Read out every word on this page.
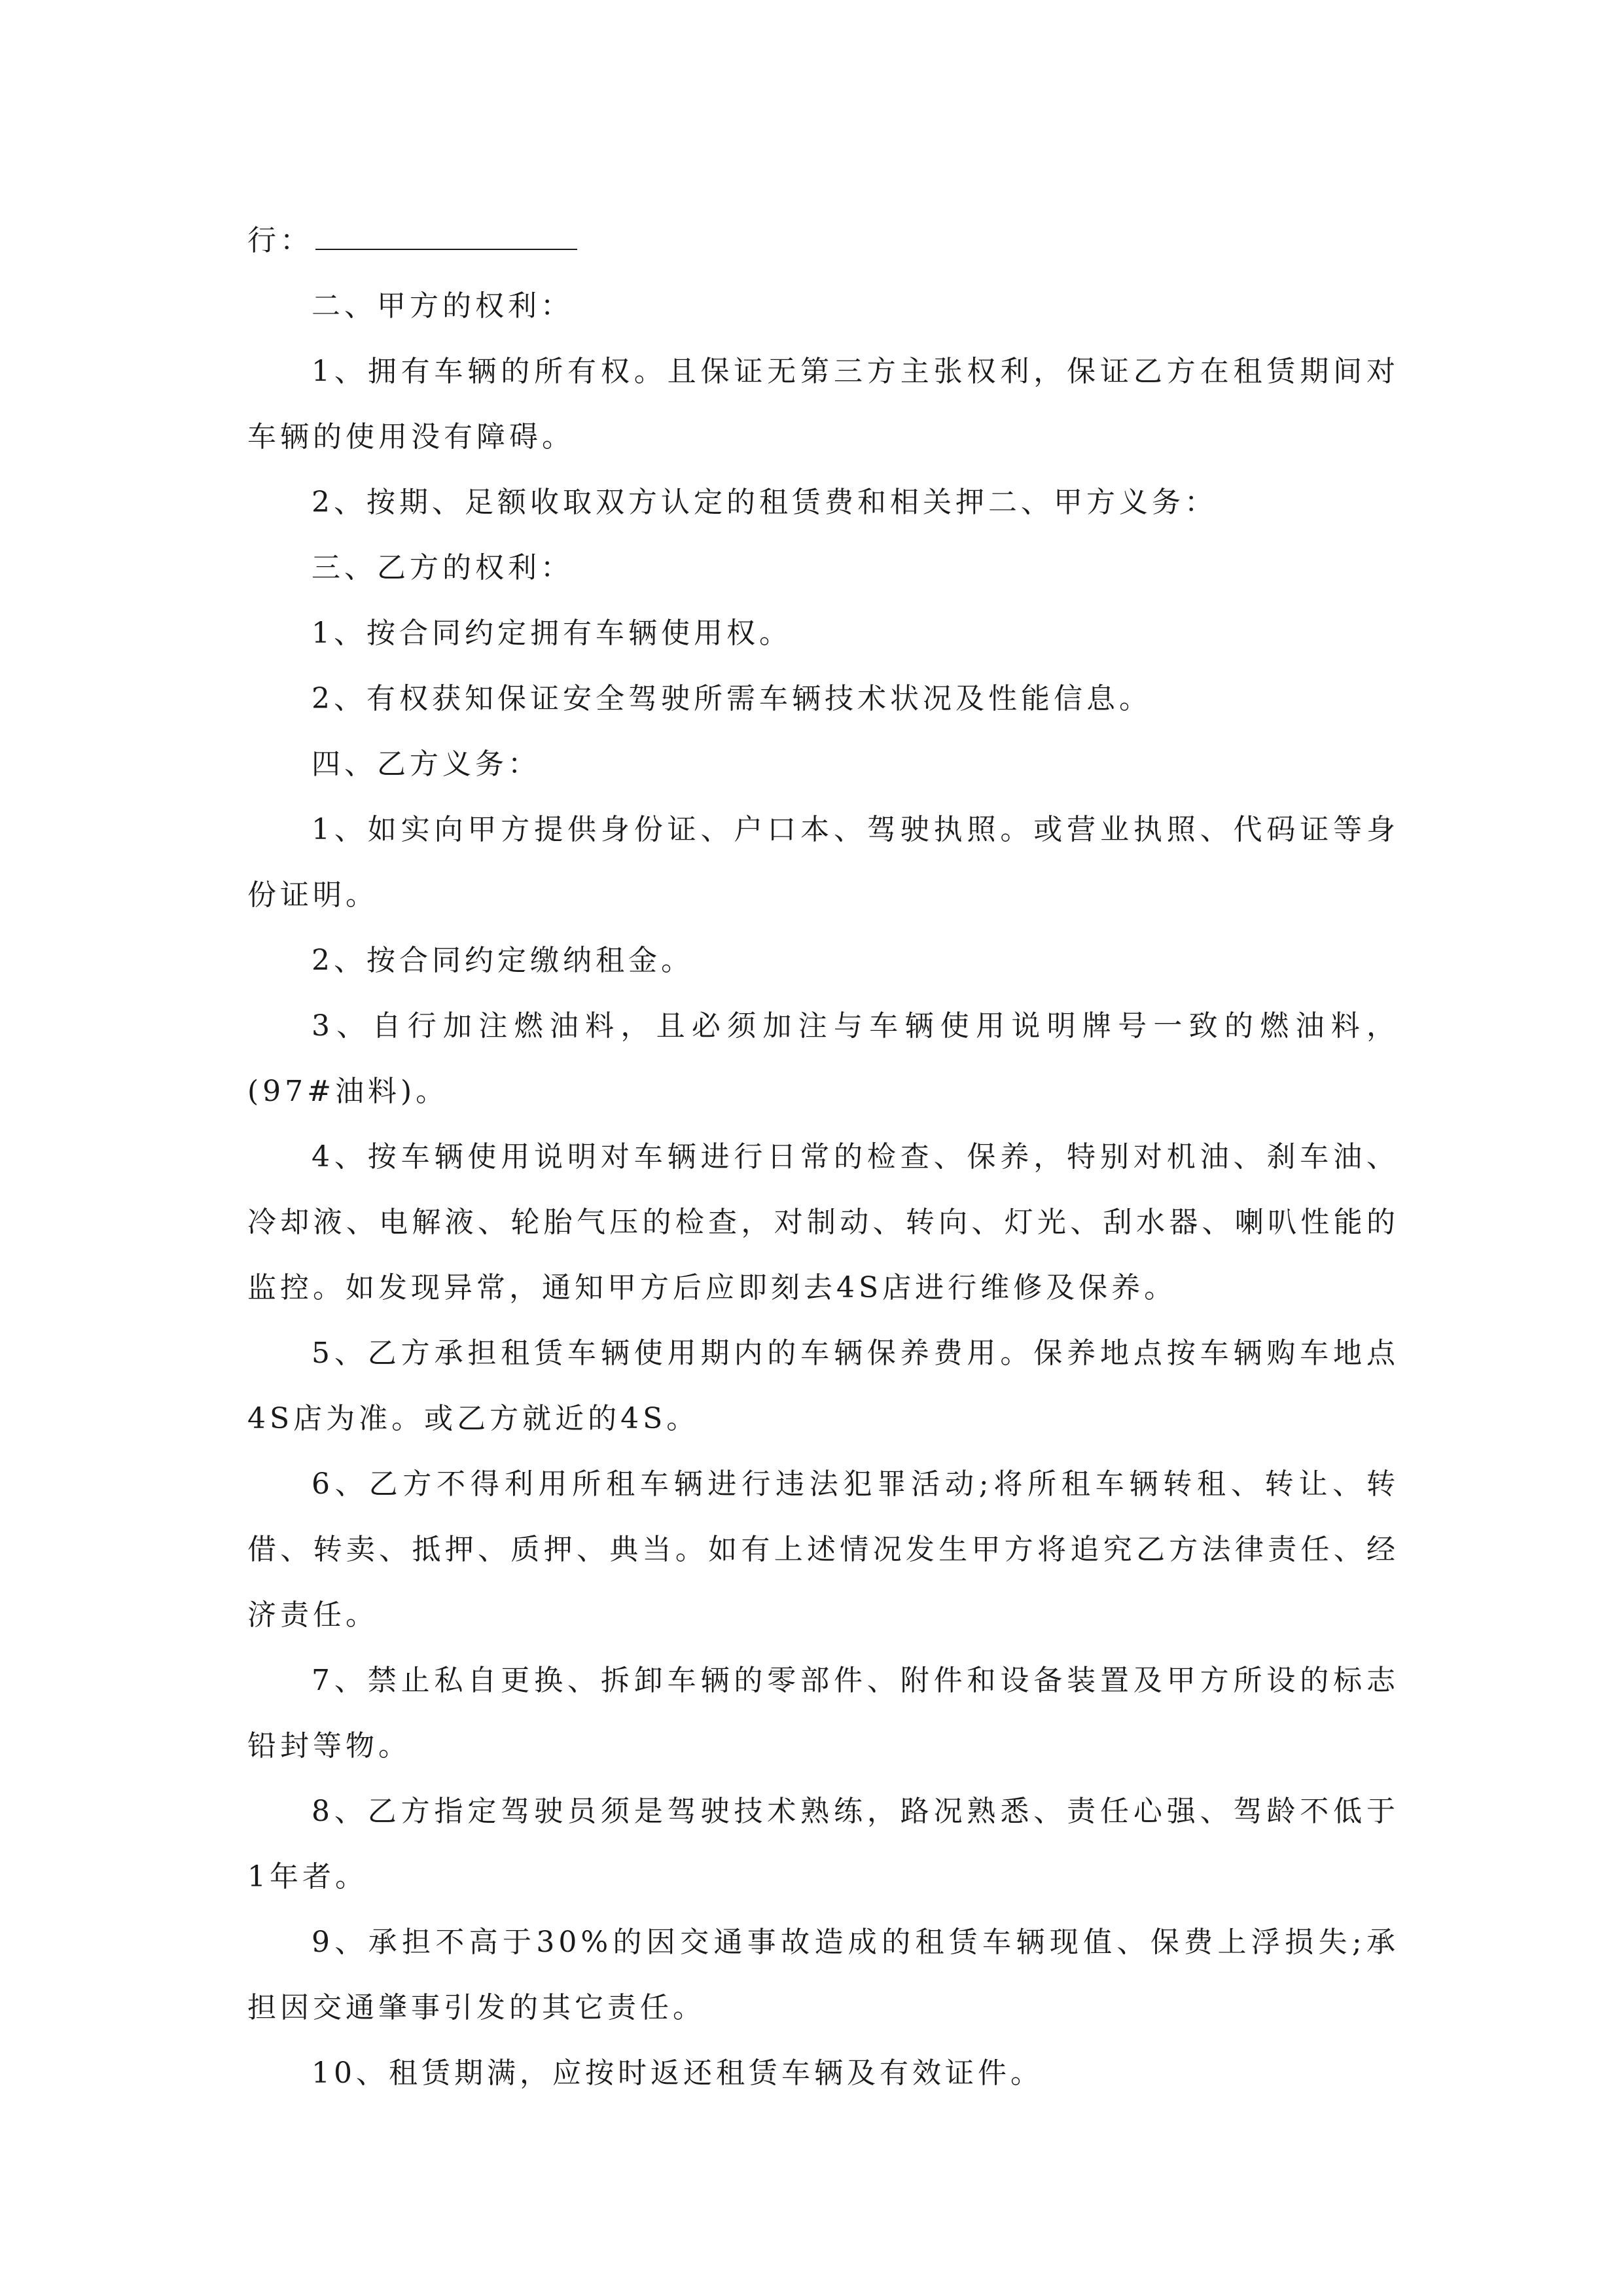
行：

二、甲方的权利：

1、拥有车辆的所有权。且保证无第三方主张权利，保证乙方在租赁期间对车辆的使用没有障碍。

2、按期、足额收取双方认定的租赁费和相关押二、甲方义务：

三、乙方的权利：

1、按合同约定拥有车辆使用权。

2、有权获知保证安全驾驶所需车辆技术状况及性能信息。

四、乙方义务：

1、如实向甲方提供身份证、户口本、驾驶执照。或营业执照、代码证等身份证明。

2、按合同约定缴纳租金。

3、自行加注燃油料，且必须加注与车辆使用说明牌号一致的燃油料，(97#油料)。

4、按车辆使用说明对车辆进行日常的检查、保养，特别对机油、刹车油、冷却液、电解液、轮胎气压的检查，对制动、转向、灯光、刮水器、喇叭性能的监控。如发现异常，通知甲方后应即刻去4S店进行维修及保养。

5、乙方承担租赁车辆使用期内的车辆保养费用。保养地点按车辆购车地点4S店为准。或乙方就近的4S。

6、乙方不得利用所租车辆进行违法犯罪活动;将所租车辆转租、转让、转借、转卖、抵押、质押、典当。如有上述情况发生甲方将追究乙方法律责任、经济责任。

7、禁止私自更换、拆卸车辆的零部件、附件和设备装置及甲方所设的标志铅封等物。

8、乙方指定驾驶员须是驾驶技术熟练，路况熟悉、责任心强、驾龄不低于1年者。

9、承担不高于30%的因交通事故造成的租赁车辆现值、保费上浮损失;承担因交通肇事引发的其它责任。

10、租赁期满，应按时返还租赁车辆及有效证件。
